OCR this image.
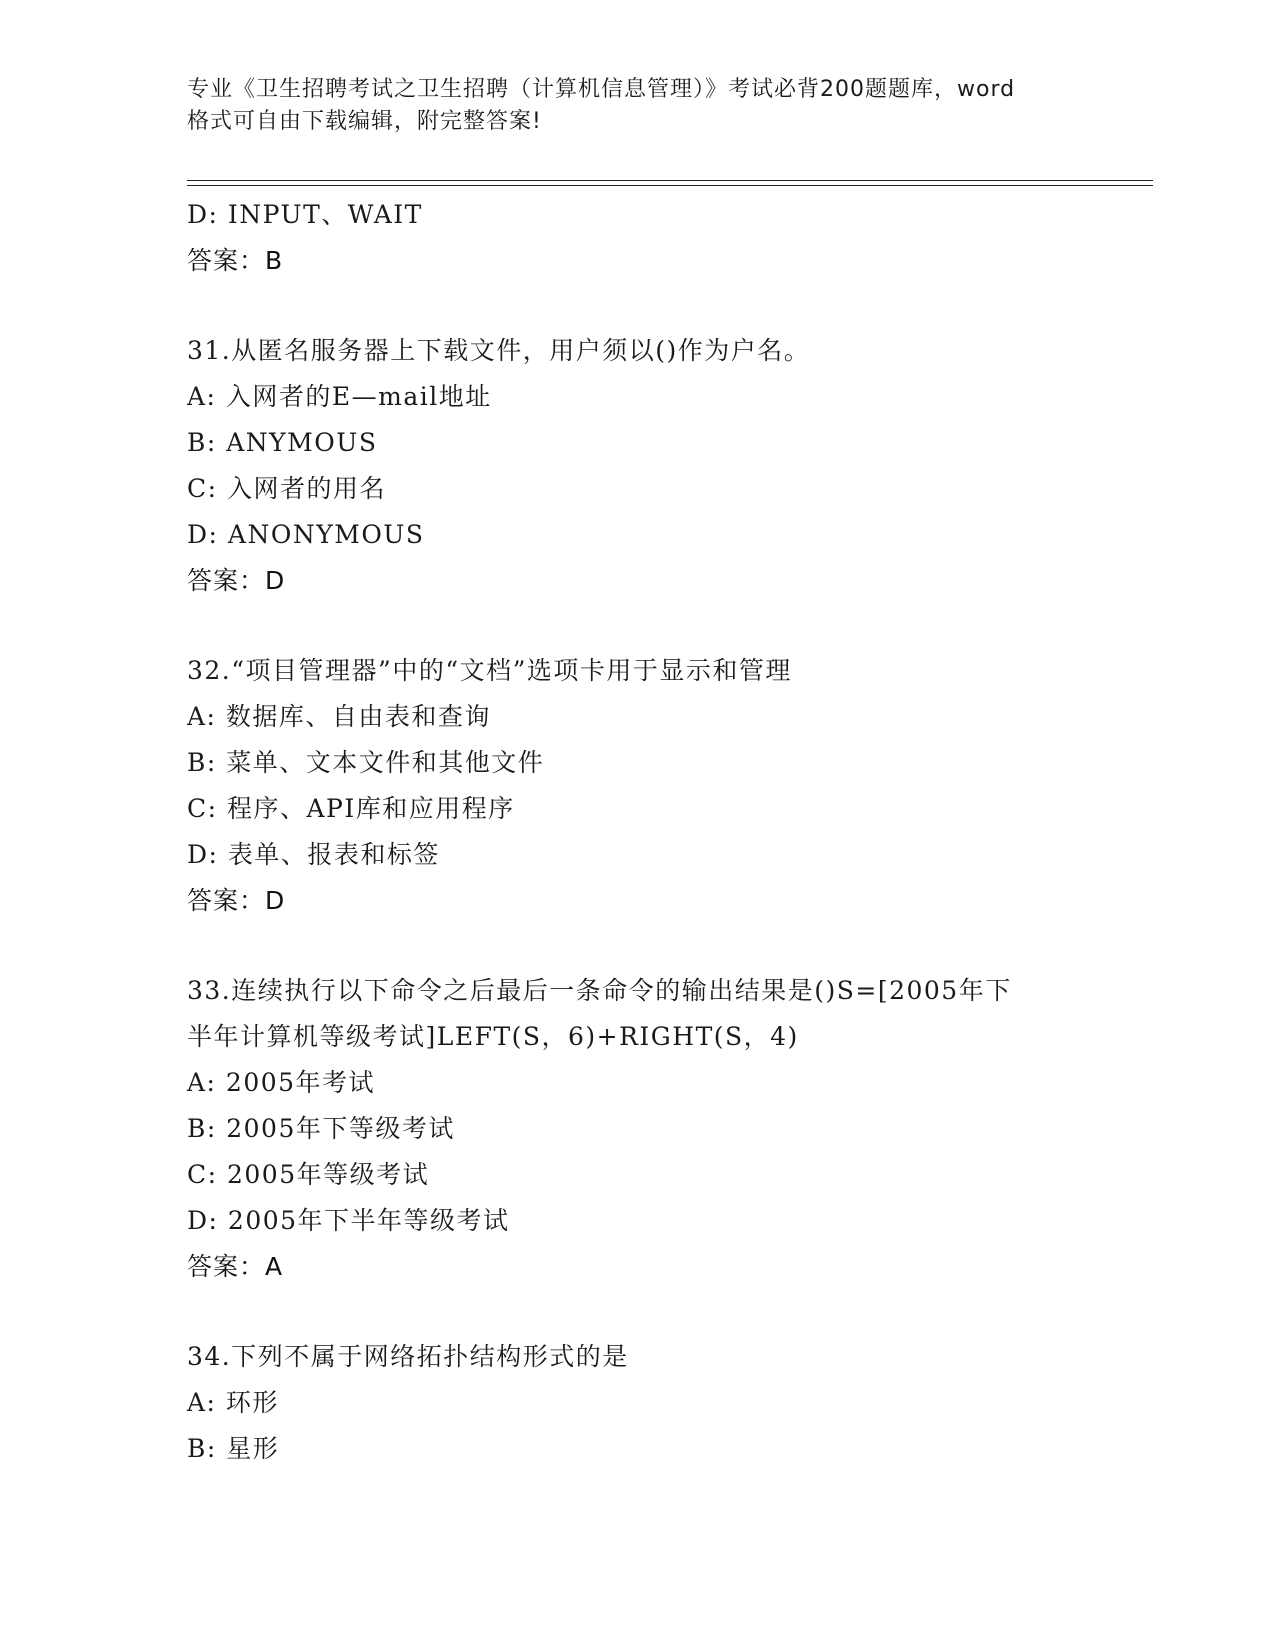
专业《卫生招聘考试之卫生招聘（计算机信息管理）》考试必背200题题库，word
格式可自由下载编辑，附完整答案!
D: INPUT、WAIT
答案：B
31.从匿名服务器上下载文件，用户须以()作为户名。
A: 入网者的E—mail地址
B: ANYMOUS
C: 入网者的用名
D: ANONYMOUS
答案：D
32.“项目管理器”中的“文档”选项卡用于显示和管理
A: 数据库、自由表和查询
B: 菜单、文本文件和其他文件
C: 程序、API库和应用程序
D: 表单、报表和标签
答案：D
33.连续执行以下命令之后最后一条命令的输出结果是()S=[2005年下
半年计算机等级考试]LEFT(S，6)+RIGHT(S，4)
A: 2005年考试
B: 2005年下等级考试
C: 2005年等级考试
D: 2005年下半年等级考试
答案：A
34.下列不属于网络拓扑结构形式的是
A: 环形
B: 星形
